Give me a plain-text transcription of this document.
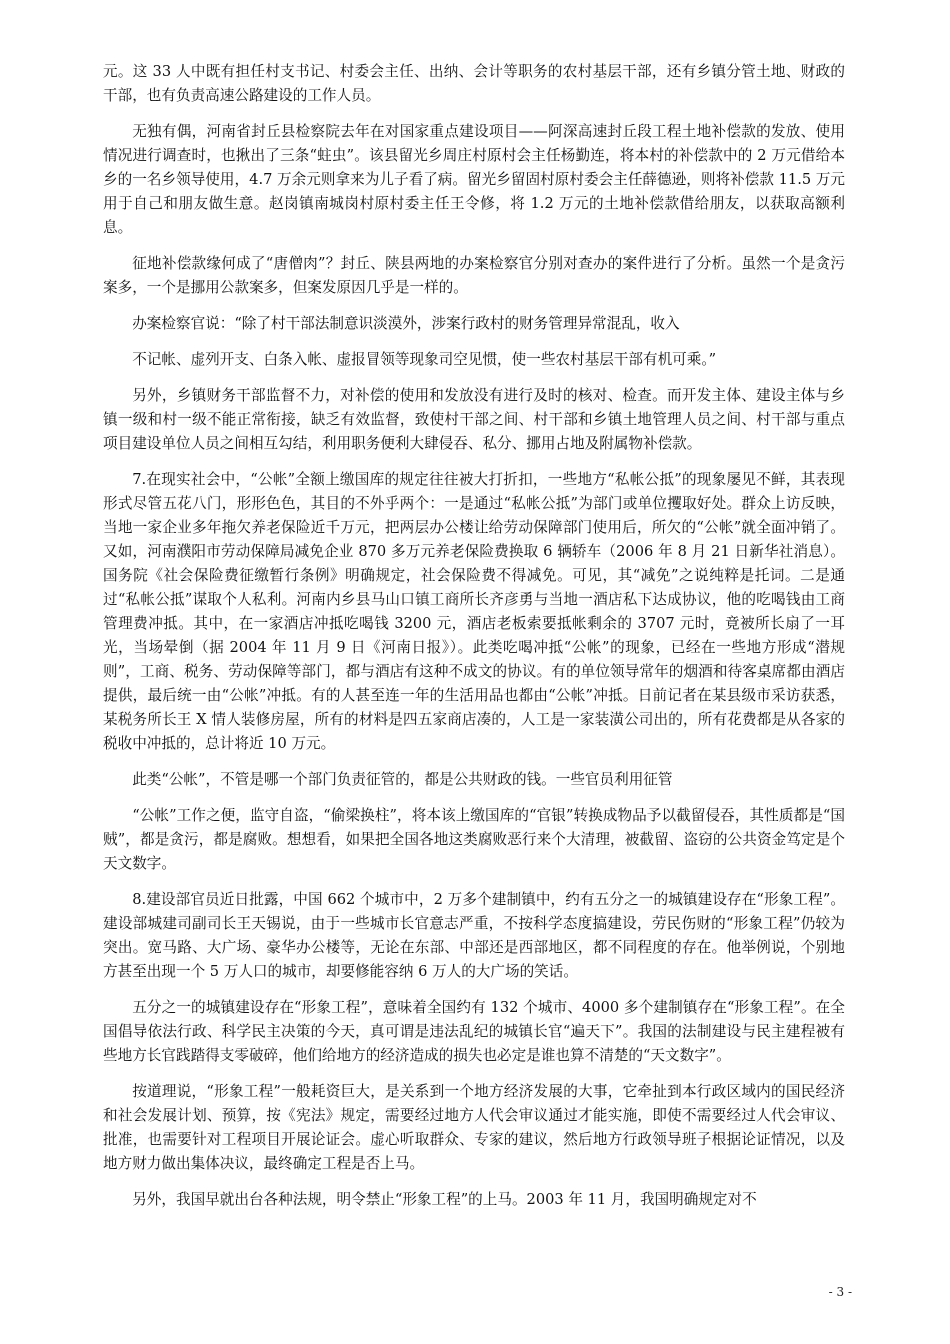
元。这 33 人中既有担任村支书记、村委会主任、出纳、会计等职务的农村基层干部，还有乡镇分管土地、财政的干部，也有负责高速公路建设的工作人员。

无独有偶，河南省封丘县检察院去年在对国家重点建设项目——阿深高速封丘段工程土地补偿款的发放、使用情况进行调查时，也揪出了三条“蛀虫”。该县留光乡周庄村原村会主任杨勤连，将本村的补偿款中的 2 万元借给本乡的一名乡领导使用，4.7 万余元则拿来为儿子看了病。留光乡留固村原村委会主任薛德逊，则将补偿款 11.5 万元用于自己和朋友做生意。赵岗镇南城岗村原村委主任王令修，将 1.2 万元的土地补偿款借给朋友，以获取高额利息。

征地补偿款缘何成了“唐僧肉”？封丘、陕县两地的办案检察官分别对查办的案件进行了分析。虽然一个是贪污案多，一个是挪用公款案多，但案发原因几乎是一样的。

办案检察官说：“除了村干部法制意识淡漠外，涉案行政村的财务管理异常混乱，收入

不记帐、虚列开支、白条入帐、虚报冒领等现象司空见惯，使一些农村基层干部有机可乘。”

另外，乡镇财务干部监督不力，对补偿的使用和发放没有进行及时的核对、检查。而开发主体、建设主体与乡镇一级和村一级不能正常衔接，缺乏有效监督，致使村干部之间、村干部和乡镇土地管理人员之间、村干部与重点项目建设单位人员之间相互勾结，利用职务便利大肆侵吞、私分、挪用占地及附属物补偿款。

7.在现实社会中，“公帐”全额上缴国库的规定往往被大打折扣，一些地方“私帐公抵”的现象屡见不鲜，其表现形式尽管五花八门，形形色色，其目的不外乎两个：一是通过“私帐公抵”为部门或单位攫取好处。群众上访反映，当地一家企业多年拖欠养老保险近千万元，把两层办公楼让给劳动保障部门使用后，所欠的“公帐”就全面冲销了。又如，河南濮阳市劳动保障局减免企业 870 多万元养老保险费换取 6 辆轿车（2006 年 8 月 21 日新华社消息）。国务院《社会保险费征缴暂行条例》明确规定，社会保险费不得减免。可见，其“减免”之说纯粹是托词。二是通过“私帐公抵”谋取个人私利。河南内乡县马山口镇工商所长齐彦勇与当地一酒店私下达成协议，他的吃喝钱由工商管理费冲抵。其中，在一家酒店冲抵吃喝钱 3200 元，酒店老板索要抵帐剩余的 3707 元时，竟被所长扇了一耳光，当场晕倒（据 2004 年 11 月 9 日《河南日报》）。此类吃喝冲抵“公帐”的现象，已经在一些地方形成“潜规则”，工商、税务、劳动保障等部门，都与酒店有这种不成文的协议。有的单位领导常年的烟酒和待客桌席都由酒店提供，最后统一由“公帐”冲抵。有的人甚至连一年的生活用品也都由“公帐”冲抵。日前记者在某县级市采访获悉，某税务所长王 X 情人装修房屋，所有的材料是四五家商店凑的，人工是一家装潢公司出的，所有花费都是从各家的税收中冲抵的，总计将近 10 万元。

此类“公帐”，不管是哪一个部门负责征管的，都是公共财政的钱。一些官员利用征管

“公帐”工作之便，监守自盗，“偷梁换柱”，将本该上缴国库的“官银”转换成物品予以截留侵吞，其性质都是“国贼”，都是贪污，都是腐败。想想看，如果把全国各地这类腐败恶行来个大清理，被截留、盗窃的公共资金笃定是个天文数字。

8.建设部官员近日批露，中国 662 个城市中，2 万多个建制镇中，约有五分之一的城镇建设存在“形象工程”。建设部城建司副司长王天锡说，由于一些城市长官意志严重，不按科学态度搞建设，劳民伤财的“形象工程”仍较为突出。宽马路、大广场、豪华办公楼等，无论在东部、中部还是西部地区，都不同程度的存在。他举例说，个别地方甚至出现一个 5 万人口的城市，却要修能容纳 6 万人的大广场的笑话。

五分之一的城镇建设存在“形象工程”，意味着全国约有 132 个城市、4000 多个建制镇存在“形象工程”。在全国倡导依法行政、科学民主决策的今天，真可谓是违法乱纪的城镇长官“遍天下”。我国的法制建设与民主建程被有些地方长官践踏得支零破碎，他们给地方的经济造成的损失也必定是谁也算不清楚的“天文数字”。

按道理说，“形象工程”一般耗资巨大，是关系到一个地方经济发展的大事，它牵扯到本行政区域内的国民经济和社会发展计划、预算，按《宪法》规定，需要经过地方人代会审议通过才能实施，即使不需要经过人代会审议、批准，也需要针对工程项目开展论证会。虚心听取群众、专家的建议，然后地方行政领导班子根据论证情况，以及地方财力做出集体决议，最终确定工程是否上马。

另外，我国早就出台各种法规，明令禁止“形象工程”的上马。2003 年 11 月，我国明确规定对不

- 3 -
